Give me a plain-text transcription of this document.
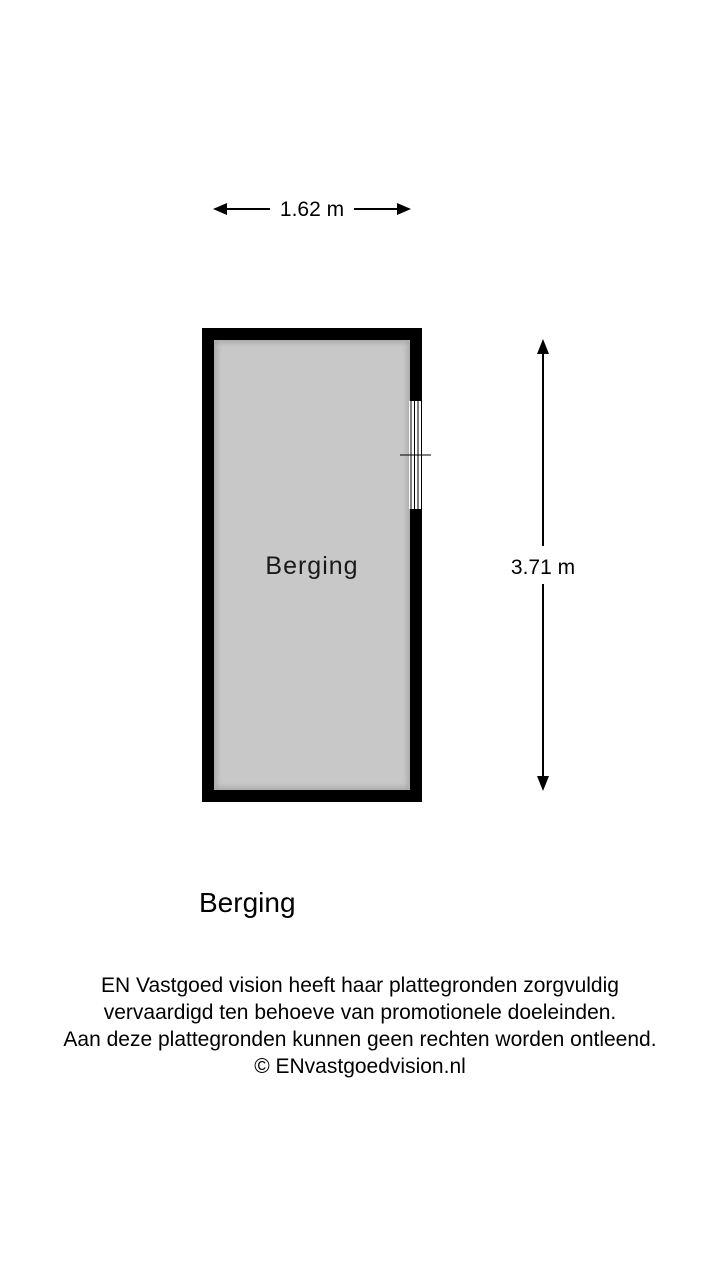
1.62 m
3.71 m
Berging
Berging
EN Vastgoed vision heeft haar plattegronden zorgvuldig
vervaardigd ten behoeve van promotionele doeleinden.
Aan deze plattegronden kunnen geen rechten worden ontleend.
© ENvastgoedvision.nl
